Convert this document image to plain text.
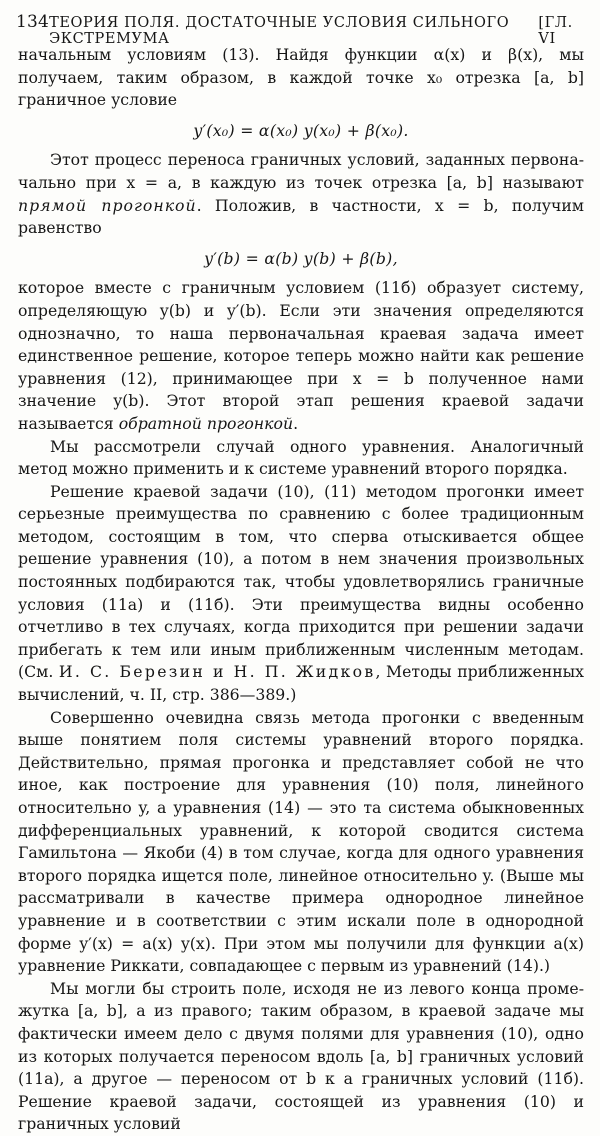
134 ТЕОРИЯ ПОЛЯ. ДОСТАТОЧНЫЕ УСЛОВИЯ СИЛЬНОГО ЭКСТРЕМУМА
[ГЛ. VI

начальным условиям (13). Найдя функции α(x) и β(x), мы получаем, таким образом, в каждой точке x₀ отрезка [a, b] граничное условие

y′(x₀) = α(x₀) y(x₀) + β(x₀).

Этот процесс переноса граничных условий, заданных первоначально при x = a, в каждую из точек отрезка [a, b] называют прямой прогонкой. Положив, в частности, x = b, получим равенство

y′(b) = α(b) y(b) + β(b),

которое вместе с граничным условием (11б) образует систему, определяющую y(b) и y′(b). Если эти значения определяются однозначно, то наша первоначальная краевая задача имеет единственное решение, которое теперь можно найти как решение уравнения (12), принимающее при x = b полученное нами значение y(b). Этот второй этап решения краевой задачи называется обратной прогонкой.

Мы рассмотрели случай одного уравнения. Аналогичный метод можно применить и к системе уравнений второго порядка.

Решение краевой задачи (10), (11) методом прогонки имеет серьезные преимущества по сравнению с более традиционным методом, состоящим в том, что сперва отыскивается общее решение уравнения (10), а потом в нем значения произвольных постоянных подбираются так, чтобы удовлетворялись граничные условия (11а) и (11б). Эти преимущества видны особенно отчетливо в тех случаях, когда приходится при решении задачи прибегать к тем или иным приближенным численным методам. (См. И. С. Березин и Н. П. Жидков, Методы приближенных вычислений, ч. II, стр. 386—389.)

Совершенно очевидна связь метода прогонки с введенным выше понятием поля системы уравнений второго порядка. Действительно, прямая прогонка и представляет собой не что иное, как построение для уравнения (10) поля, линейного относительно y, а уравнения (14) — это та система обыкновенных дифференциальных уравнений, к которой сводится система Гамильтона — Якоби (4) в том случае, когда для одного уравнения второго порядка ищется поле, линейное относительно y. (Выше мы рассматривали в качестве примера однородное линейное уравнение и в соответствии с этим искали поле в однородной форме y′(x) = a(x) y(x). При этом мы получили для функции a(x) уравнение Риккати, совпадающее с первым из уравнений (14).)

Мы могли бы строить поле, исходя не из левого конца промежутка [a, b], а из правого; таким образом, в краевой задаче мы фактически имеем дело с двумя полями для уравнения (10), одно из которых получается переносом вдоль [a, b] граничных условий (11а), а другое — переносом от b к a граничных условий (11б). Решение краевой задачи, состоящей из уравнения (10) и граничных условий
